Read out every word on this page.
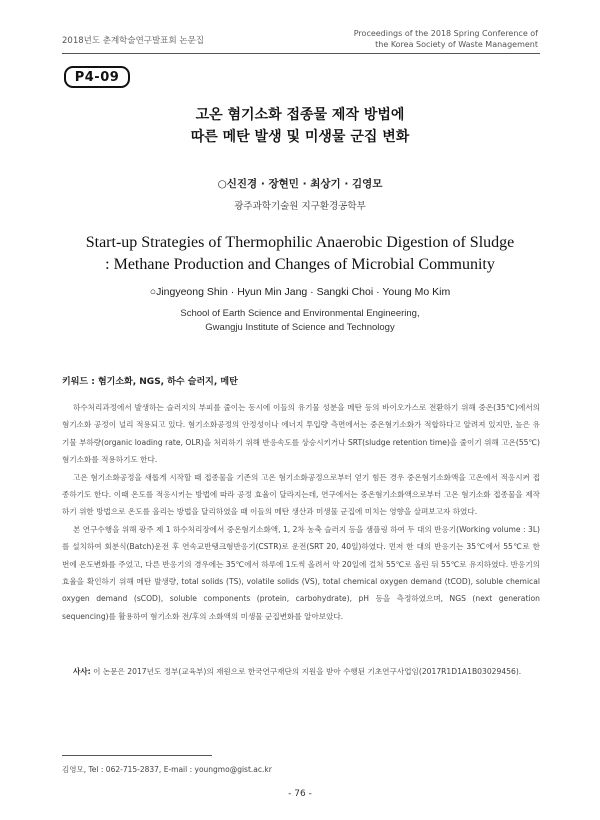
2018년도 춘계학술연구발표회 논문집
Proceedings of the 2018 Spring Conference of
the Korea Society of Waste Management
P4-09
고온 혐기소화 접종물 제작 방법에
따른 메탄 발생 및 미생물 군집 변화
○신진경 · 장현민 · 최상기 · 김영모
광주과학기술원 지구환경공학부
Start-up Strategies of Thermophilic Anaerobic Digestion of Sludge
: Methane Production and Changes of Microbial Community
○Jingyeong Shin · Hyun Min Jang · Sangki Choi · Young Mo Kim
School of Earth Science and Environmental Engineering,
Gwangju Institute of Science and Technology
키워드 : 혐기소화, NGS, 하수 슬러지, 메탄

하수처리과정에서 발생하는 슬러지의 부피를 줄이는 동시에 이들의 유기물 성분을 메탄 등의 바이오가스로 전환하기 위해 중온(35℃)에서의 혐기소화 공정이 널리 적용되고 있다. 혐기소화공정의 안정성이나 에너지 투입량 측면에서는 중온혐기소화가 적합하다고 알려져 있지만, 높은 유기물 부하량(organic loading rate, OLR)을 처리하기 위해 반응속도를 상승시키거나 SRT(sludge retention time)을 줄이기 위해 고온(55℃) 혐기소화를 적용하기도 한다.

고온 혐기소화공정을 새롭게 시작할 때 접종물을 기존의 고온 혐기소화공정으로부터 얻기 힘든 경우 중온혐기소화액을 고온에서 적응시켜 접종하기도 한다. 이때 온도를 적응시키는 방법에 따라 공정 효율이 달라지는데, 연구에서는 중온혐기소화액으로부터 고온 혐기소화 접종물을 제작하기 위한 방법으로 온도를 올리는 방법을 달리하였을 때 이들의 메탄 생산과 미생물 군집에 미치는 영향을 살펴보고자 하였다.

본 연구수행을 위해 광주 제 1 하수처리장에서 중온혐기소화액, 1, 2차 농축 슬러지 등을 샘플링 하여 두 대의 반응기(Working volume : 3L)를 설치하여 회분식(Batch)운전 후 연속교반탱크형반응기(CSTR)로 운전(SRT 20, 40일)하였다. 먼저 한 대의 반응기는 35℃에서 55℃로 한 번에 온도변화를 주었고, 다른 반응기의 경우에는 35℃에서 하루에 1도씩 올려서 약 20일에 걸쳐 55℃로 올린 뒤 55℃로 유지하였다. 반응기의 효율을 확인하기 위해 메탄 발생량, total solids (TS), volatile solids (VS), total chemical oxygen demand (tCOD), soluble chemical oxygen demand (sCOD), soluble components (protein, carbohydrate), pH 등을 측정하였으며, NGS (next generation sequencing)를 활용하여 혐기소화 전/후의 소화액의 미생물 군집변화를 알아보았다.

사사: 이 논문은 2017년도 정부(교육부)의 재원으로 한국연구재단의 지원을 받아 수행된 기초연구사업임(2017R1D1A1B03029456).
김영모, Tel : 062-715-2837, E-mail : youngmo@gist.ac.kr
- 76 -
